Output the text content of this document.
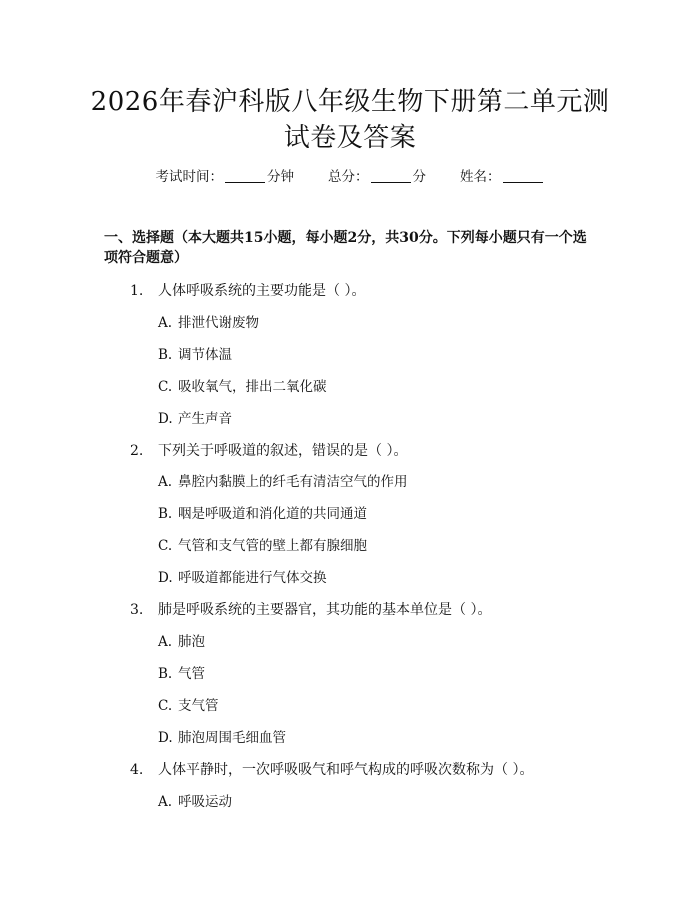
2026年春沪科版八年级生物下册第二单元测
试卷及答案
考试时间：	分钟	总分：	分	姓名：
一、选择题（本大题共15小题，每小题2分，共30分。下列每小题只有一个选
项符合题意）
1. 人体呼吸系统的主要功能是（ ）。
A. 排泄代谢废物
B. 调节体温
C. 吸收氧气，排出二氧化碳
D. 产生声音
2. 下列关于呼吸道的叙述，错误的是（ ）。
A. 鼻腔内黏膜上的纤毛有清洁空气的作用
B. 咽是呼吸道和消化道的共同通道
C. 气管和支气管的壁上都有腺细胞
D. 呼吸道都能进行气体交换
3. 肺是呼吸系统的主要器官，其功能的基本单位是（ ）。
A. 肺泡
B. 气管
C. 支气管
D. 肺泡周围毛细血管
4. 人体平静时，一次呼吸吸气和呼气构成的呼吸次数称为（ ）。
A. 呼吸运动
